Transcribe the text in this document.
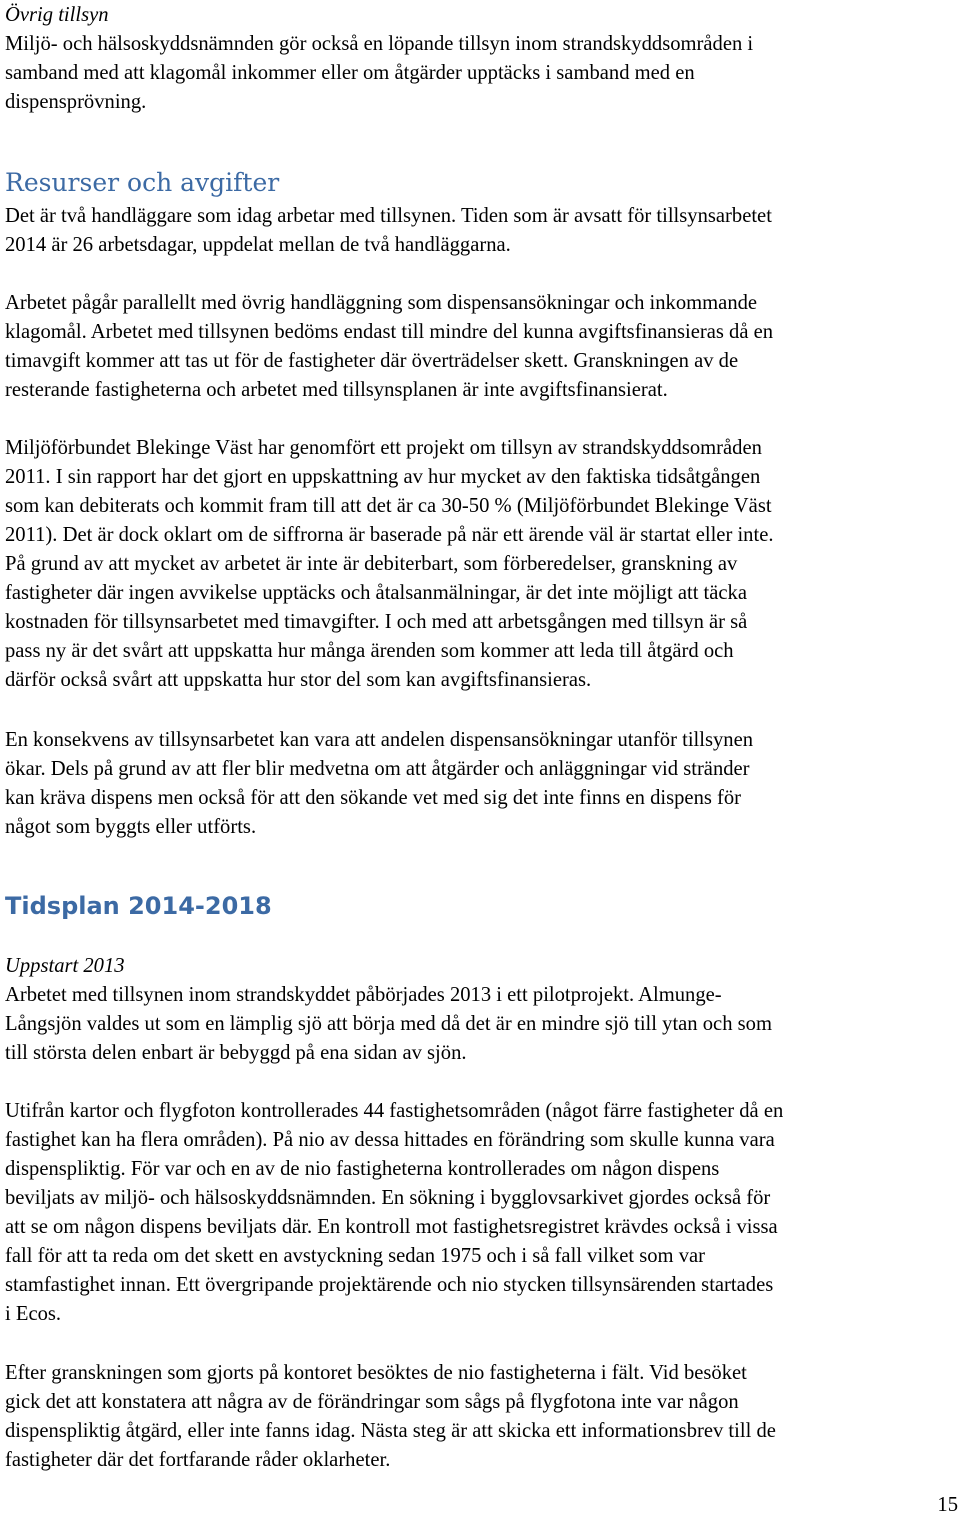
Övrig tillsyn
Miljö- och hälsoskyddsnämnden gör också en löpande tillsyn inom strandskyddsområden i
samband med att klagomål inkommer eller om åtgärder upptäcks i samband med en
dispensprövning.
Resurser och avgifter
Det är två handläggare som idag arbetar med tillsynen. Tiden som är avsatt för tillsynsarbetet
2014 är 26 arbetsdagar, uppdelat mellan de två handläggarna.
Arbetet pågår parallellt med övrig handläggning som dispensansökningar och inkommande
klagomål. Arbetet med tillsynen bedöms endast till mindre del kunna avgiftsfinansieras då en
timavgift kommer att tas ut för de fastigheter där överträdelser skett. Granskningen av de
resterande fastigheterna och arbetet med tillsynsplanen är inte avgiftsfinansierat.
Miljöförbundet Blekinge Väst har genomfört ett projekt om tillsyn av strandskyddsområden
2011. I sin rapport har det gjort en uppskattning av hur mycket av den faktiska tidsåtgången
som kan debiterats och kommit fram till att det är ca 30-50 % (Miljöförbundet Blekinge Väst
2011). Det är dock oklart om de siffrorna är baserade på när ett ärende väl är startat eller inte.
På grund av att mycket av arbetet är inte är debiterbart, som förberedelser, granskning av
fastigheter där ingen avvikelse upptäcks och åtalsanmälningar, är det inte möjligt att täcka
kostnaden för tillsynsarbetet med timavgifter. I och med att arbetsgången med tillsyn är så
pass ny är det svårt att uppskatta hur många ärenden som kommer att leda till åtgärd och
därför också svårt att uppskatta hur stor del som kan avgiftsfinansieras.
En konsekvens av tillsynsarbetet kan vara att andelen dispensansökningar utanför tillsynen
ökar. Dels på grund av att fler blir medvetna om att åtgärder och anläggningar vid stränder
kan kräva dispens men också för att den sökande vet med sig det inte finns en dispens för
något som byggts eller utförts.
Tidsplan 2014-2018
Uppstart 2013
Arbetet med tillsynen inom strandskyddet påbörjades 2013 i ett pilotprojekt. Almunge-
Långsjön valdes ut som en lämplig sjö att börja med då det är en mindre sjö till ytan och som
till största delen enbart är bebyggd på ena sidan av sjön.
Utifrån kartor och flygfoton kontrollerades 44 fastighetsområden (något färre fastigheter då en
fastighet kan ha flera områden). På nio av dessa hittades en förändring som skulle kunna vara
dispenspliktig. För var och en av de nio fastigheterna kontrollerades om någon dispens
beviljats av miljö- och hälsoskyddsnämnden. En sökning i bygglovsarkivet gjordes också för
att se om någon dispens beviljats där. En kontroll mot fastighetsregistret krävdes också i vissa
fall för att ta reda om det skett en avstyckning sedan 1975 och i så fall vilket som var
stamfastighet innan. Ett övergripande projektärende och nio stycken tillsynsärenden startades
i Ecos.
Efter granskningen som gjorts på kontoret besöktes de nio fastigheterna i fält. Vid besöket
gick det att konstatera att några av de förändringar som sågs på flygfotona inte var någon
dispenspliktig åtgärd, eller inte fanns idag. Nästa steg är att skicka ett informationsbrev till de
fastigheter där det fortfarande råder oklarheter.
15
